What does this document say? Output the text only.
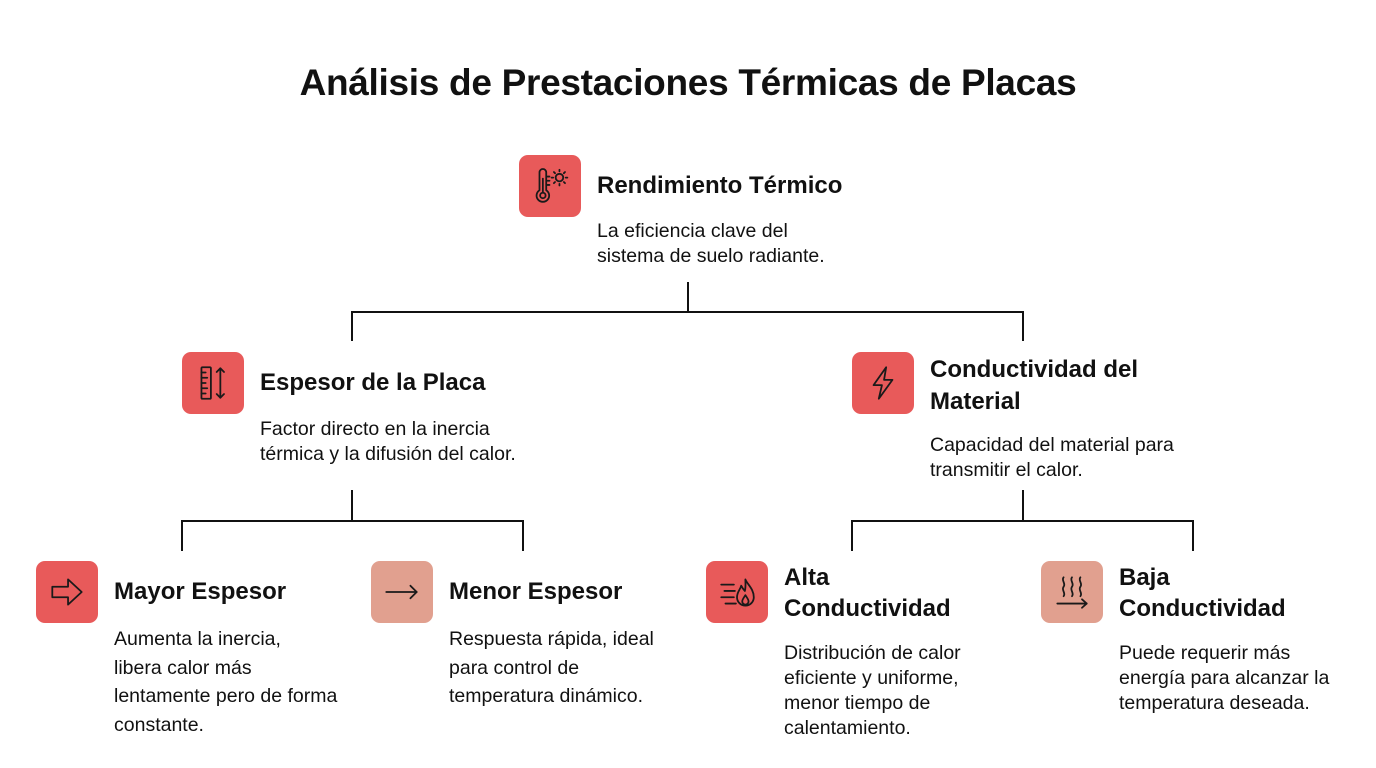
Análisis de Prestaciones Térmicas de Placas
Rendimiento Térmico
La eficiencia clave del
sistema de suelo radiante.
Espesor de la Placa
Factor directo en la inercia
térmica y la difusión del calor.
Conductividad del
Material
Capacidad del material para
transmitir el calor.
Mayor Espesor
Aumenta la inercia,
libera calor más
lentamente pero de forma
constante.
Menor Espesor
Respuesta rápida, ideal
para control de
temperatura dinámico.
Alta
Conductividad
Distribución de calor
eficiente y uniforme,
menor tiempo de
calentamiento.
Baja
Conductividad
Puede requerir más
energía para alcanzar la
temperatura deseada.
